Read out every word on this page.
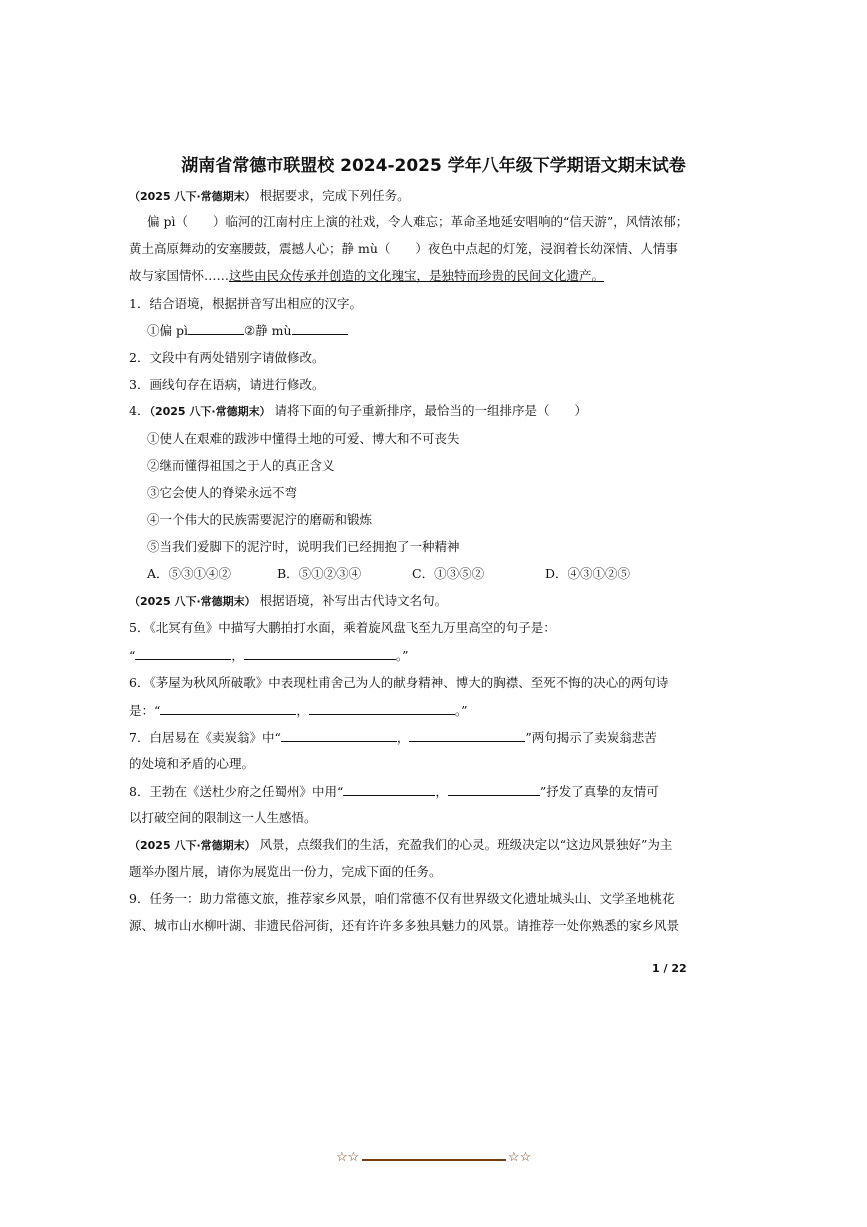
湖南省常德市联盟校 2024-2025 学年八年级下学期语文期末试卷
（2025 八下·常德期末） 根据要求，完成下列任务。
偏 pì（　　）临河的江南村庄上演的社戏，令人难忘；革命圣地延安唱响的“信天游”，风情浓郁；
黄土高原舞动的安塞腰鼓，震撼人心；静 mù（　　）夜色中点起的灯笼，浸润着长幼深情、人情事
故与家国情怀……这些由民众传承并创造的文化瑰宝，是独特而珍贵的民间文化遗产。
1．结合语境，根据拼音写出相应的汉字。
①偏 pì	②静 mù
2．文段中有两处错别字请做修改。
3．画线句存在语病，请进行修改。
4．（2025 八下·常德期末） 请将下面的句子重新排序，最恰当的一组排序是（　　）
①使人在艰难的跋涉中懂得土地的可爱、博大和不可丧失
②继而懂得祖国之于人的真正含义
③它会使人的脊梁永远不弯
④一个伟大的民族需要泥泞的磨砺和锻炼
⑤当我们爱脚下的泥泞时，说明我们已经拥抱了一种精神
A．⑤③①④②	B．⑤①②③④	C．①③⑤②	D．④③①②⑤
（2025 八下·常德期末） 根据语境，补写出古代诗文名句。
5．《北冥有鱼》中描写大鹏拍打水面，乘着旋风盘飞至九万里高空的句子是：
“	，	。”
6．《茅屋为秋风所破歌》中表现杜甫舍己为人的献身精神、博大的胸襟、至死不悔的决心的两句诗
是：“	，	。”
7．白居易在《卖炭翁》中“	，	”两句揭示了卖炭翁悲苦
的处境和矛盾的心理。
8．王勃在《送杜少府之任蜀州》中用“	，	”抒发了真挚的友情可
以打破空间的限制这一人生感悟。
（2025 八下·常德期末） 风景，点缀我们的生活，充盈我们的心灵。班级决定以“这边风景独好”为主
题举办图片展，请你为展览出一份力，完成下面的任务。
9．任务一：助力常德文旅，推荐家乡风景，咱们常德不仅有世界级文化遗址城头山、文学圣地桃花
源、城市山水柳叶湖、非遗民俗河街，还有许许多多独具魅力的风景。请推荐一处你熟悉的家乡风景
1 / 22
☆☆	☆☆
